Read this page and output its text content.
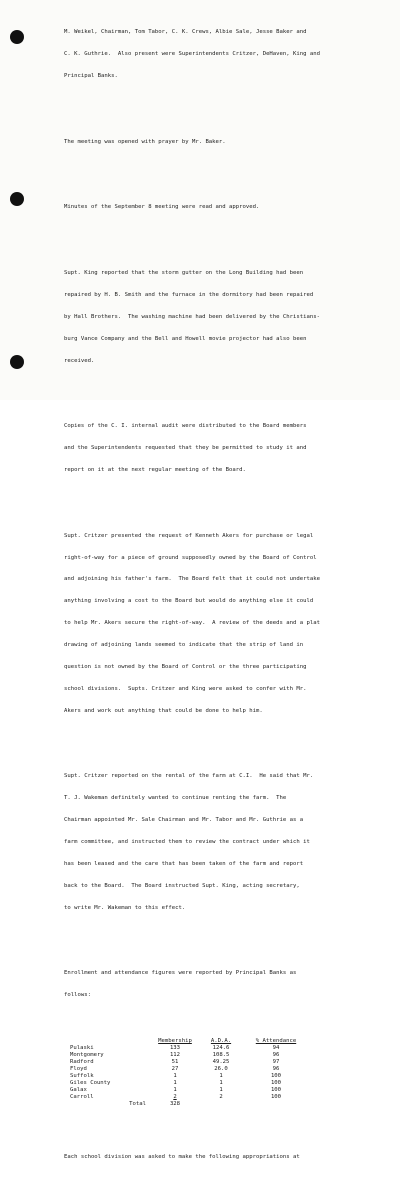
M. Weikel, Chairman, Tom Tabor, C. K. Crews, Albie Sale, Jesse Baker and

C. K. Guthrie.  Also present were Superintendents Critzer, DeHaven, King and

Principal Banks.

The meeting was opened with prayer by Mr. Baker.

Minutes of the September 8 meeting were read and approved.

Supt. King reported that the storm gutter on the Long Building had been

repaired by H. B. Smith and the furnace in the dormitory had been repaired

by Hall Brothers.  The washing machine had been delivered by the Christians-

burg Vance Company and the Bell and Howell movie projector had also been

received.

Copies of the C. I. internal audit were distributed to the Board members

and the Superintendents requested that they be permitted to study it and

report on it at the next regular meeting of the Board.

Supt. Critzer presented the request of Kenneth Akers for purchase or legal

right-of-way for a piece of ground supposedly owned by the Board of Control

and adjoining his father's farm.  The Board felt that it could not undertake

anything involving a cost to the Board but would do anything else it could

to help Mr. Akers secure the right-of-way.  A review of the deeds and a plat

drawing of adjoining lands seemed to indicate that the strip of land in

question is not owned by the Board of Control or the three participating

school divisions.  Supts. Critzer and King were asked to confer with Mr.

Akers and work out anything that could be done to help him.

Supt. Critzer reported on the rental of the farm at C.I.  He said that Mr.

T. J. Wakeman definitely wanted to continue renting the farm.  The

Chairman appointed Mr. Sale Chairman and Mr. Tabor and Mr. Guthrie as a

farm committee, and instructed them to review the contract under which it

has been leased and the care that has been taken of the farm and report

back to the Board.  The Board instructed Supt. King, acting secretary,

to write Mr. Wakeman to this effect.

Enrollment and attendance figures were reported by Principal Banks as

follows:

	Membership	A.D.A.	% Attendance
Pulaski	133	124.6	94
Montgomery	112	108.5	96
Radford	51	49.25	97
Floyd	27	26.0	96
Suffolk	1	1	100
Giles County	1	1	100
Galax	1	1	100
Carroll	2	2	100
Total	328		

Each school division was asked to make the following appropriations at
